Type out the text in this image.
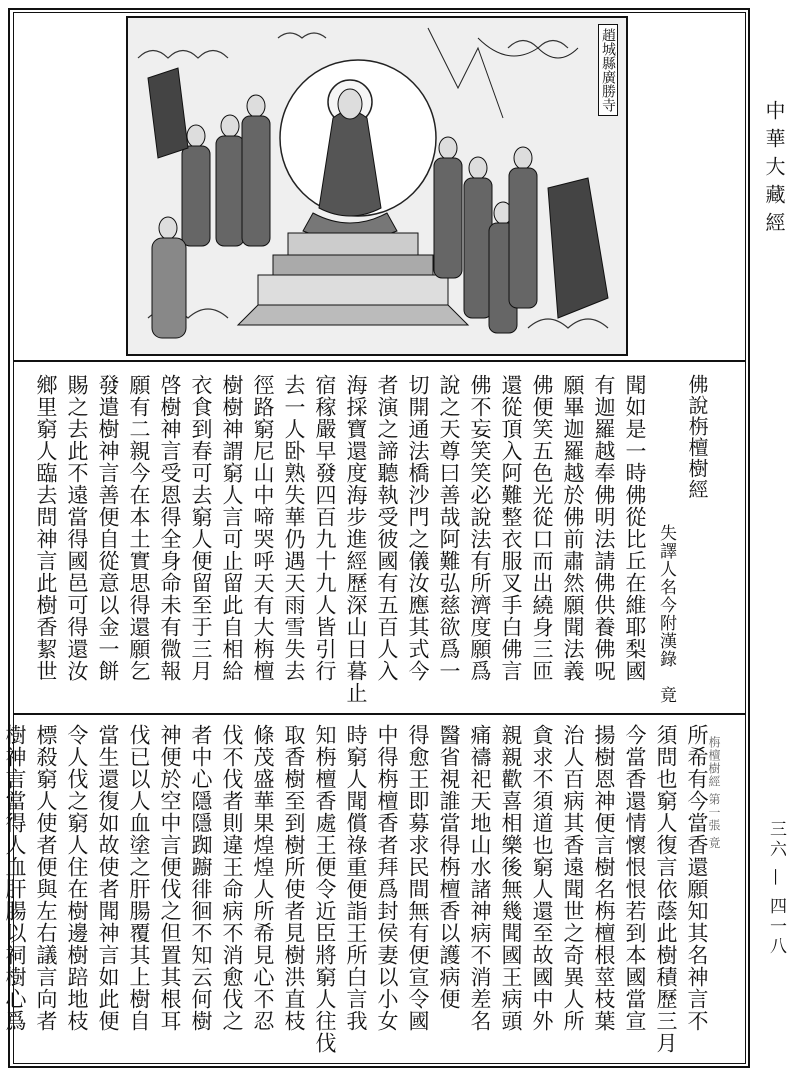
趙城縣廣勝寺
中華大藏經
三六 — 四一八
佛說栴檀樹經
失譯人名今附漢錄　竟
聞如是一時佛從比丘在維耶梨國
有迦羅越奉佛明法請佛供養佛呪
願畢迦羅越於佛前肅然願聞法義
佛便笑五色光從口而出繞身三匝
還從頂入阿難整衣服叉手白佛言
佛不妄笑笑必說法有所濟度願爲
說之天尊曰善哉阿難弘慈欲爲一
切開通法橋沙門之儀汝應其式今
者演之諦聽執受彼國有五百人入
海採寶還度海步進經歷深山日暮止
宿稼嚴早發四百九十九人皆引行
去一人卧熟失華仍遇天雨雪失去
徑路窮尼山中啼哭呼天有大栴檀
樹樹神謂窮人言可止留此自相給
衣食到春可去窮人便留至于三月
啓樹神言受恩得全身命未有微報
願有二親今在本土實思得還願乞
發遣樹神言善便自從意以金一餅
賜之去此不遠當得國邑可得還汝
鄉里窮人臨去問神言此樹香絜世
栴檀樹經 第一張 竟
所希有今當香還願知其名神言不
須問也窮人復言依蔭此樹積歷三月
今當香還情懷恨恨若到本國當宣
揚樹恩神便言樹名栴檀根莖枝葉
治人百病其香遠聞世之奇異人所
貪求不須道也窮人還至故國中外
親親歡喜相樂後無幾聞國王病頭
痛禱祀天地山水諸神病不消差名
醫省視誰當得栴檀香以護病便
得愈王即募求民間無有便宣令國
中得栴檀香者拜爲封侯妻以小女
時窮人聞償祿重便詣王所白言我
知栴檀香處王便令近臣將窮人往伐
取香樹至到樹所使者見樹洪直枝
條茂盛華果煌煌人所希見心不忍
伐不伐者則違王命病不消愈伐之
者中心隱隱踟躕徘徊不知云何樹
神便於空中言便伐之但置其根耳
伐已以人血塗之肝腸覆其上樹自
當生還復如故使者聞神言如此便
令人伐之窮人住在樹邊樹踣地枝
標殺窮人使者便與左右議言向者
樹神言當得人血肝腸以祠樹心爲
